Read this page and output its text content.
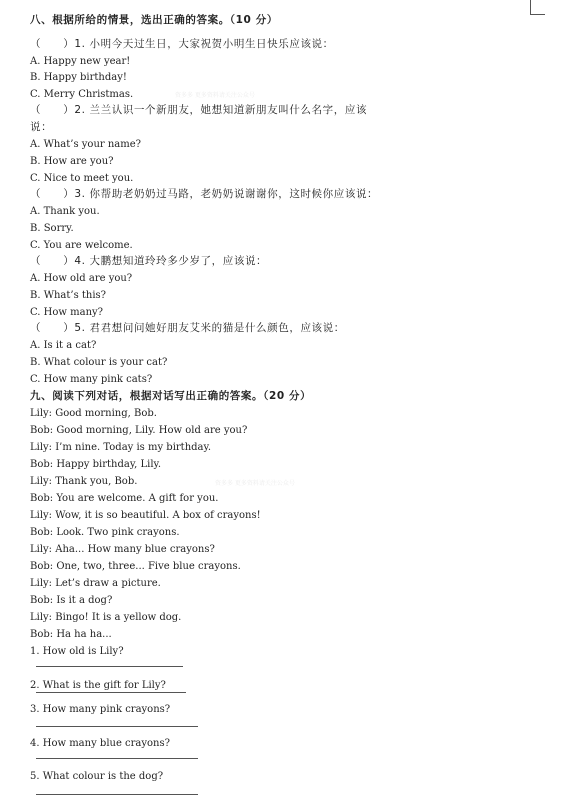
八、根据所给的情景，选出正确的答案。（10 分）
（　　）1. 小明今天过生日，大家祝贺小明生日快乐应该说：
A. Happy new year!
B. Happy birthday!
C. Merry Christmas.
（　　）2. 兰兰认识一个新朋友，她想知道新朋友叫什么名字，应该
说：
A. What’s your name?
B. How are you?
C. Nice to meet you.
（　　）3. 你帮助老奶奶过马路，老奶奶说谢谢你，这时候你应该说：
A. Thank you.
B. Sorry.
C. You are welcome.
（　　）4. 大鹏想知道玲玲多少岁了，应该说：
A. How old are you?
B. What’s this?
C. How many?
（　　）5. 君君想问问她好朋友艾米的猫是什么颜色，应该说：
A. Is it a cat?
B. What colour is your cat?
C. How many pink cats?
九、阅读下列对话，根据对话写出正确的答案。（20 分）
Lily: Good morning, Bob.
Bob: Good morning, Lily. How old are you?
Lily: I’m nine. Today is my birthday.
Bob: Happy birthday, Lily.
Lily: Thank you, Bob.
Bob: You are welcome. A gift for you.
Lily: Wow, it is so beautiful. A box of crayons!
Bob: Look. Two pink crayons.
Lily: Aha... How many blue crayons?
Bob: One, two, three... Five blue crayons.
Lily: Let’s draw a picture.
Bob: Is it a dog?
Lily: Bingo! It is a yellow dog.
Bob: Ha ha ha...
1. How old is Lily?
2. What is the gift for Lily?
3. How many pink crayons?
4. How many blue crayons?
5. What colour is the dog?
资多多 更多资料请关注公众号
资多多 更多资料请关注公众号
